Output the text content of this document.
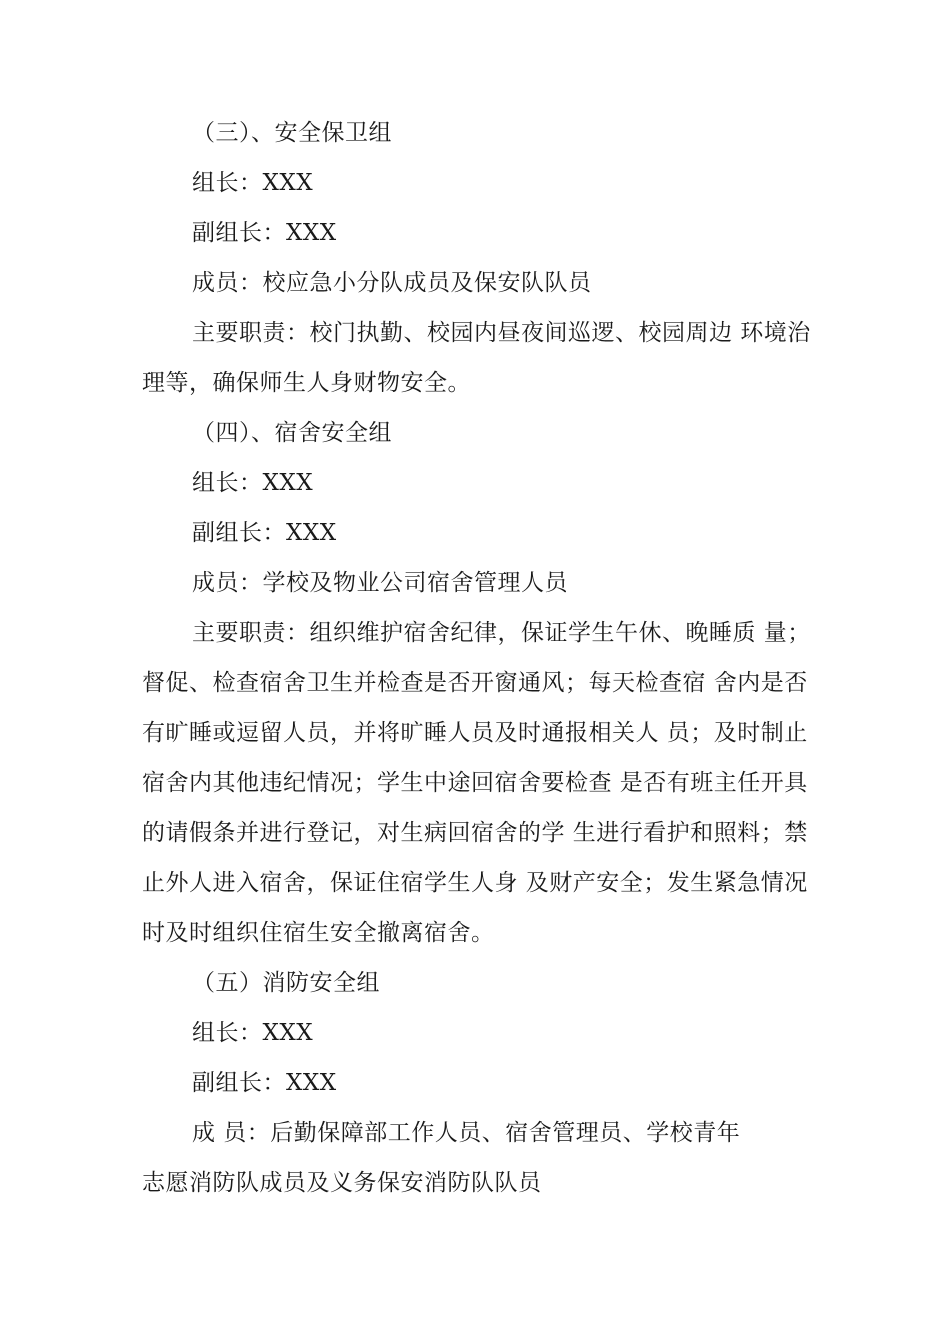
（三）、安全保卫组
组长：XXX
副组长：XXX
成员：校应急小分队成员及保安队队员
主要职责：校门执勤、校园内昼夜间巡逻、校园周边 环境治
理等，确保师生人身财物安全。
（四）、宿舍安全组
组长：XXX
副组长：XXX
成员：学校及物业公司宿舍管理人员
主要职责：组织维护宿舍纪律，保证学生午休、晚睡质 量；
督促、检查宿舍卫生并检查是否开窗通风；每天检查宿 舍内是否
有旷睡或逗留人员，并将旷睡人员及时通报相关人 员；及时制止
宿舍内其他违纪情况；学生中途回宿舍要检查 是否有班主任开具
的请假条并进行登记，对生病回宿舍的学 生进行看护和照料；禁
止外人进入宿舍，保证住宿学生人身 及财产安全；发生紧急情况
时及时组织住宿生安全撤离宿舍。
（五）消防安全组
组长：XXX
副组长：XXX
成 员：后勤保障部工作人员、宿舍管理员、学校青年
志愿消防队成员及义务保安消防队队员
